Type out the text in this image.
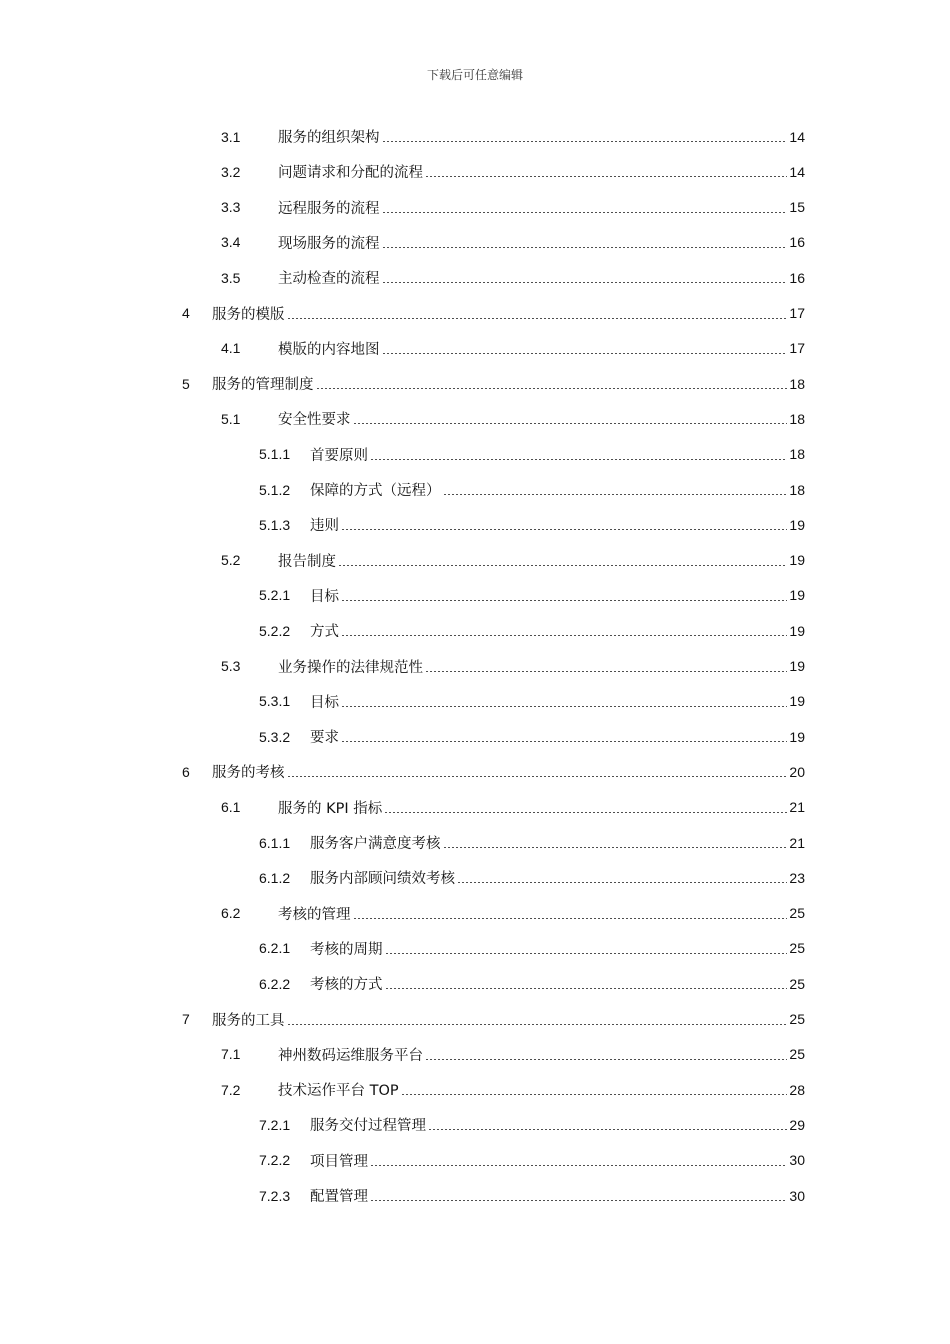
下载后可任意编辑
3.1	服务的组织架构	14
3.2	问题请求和分配的流程	14
3.3	远程服务的流程	15
3.4	现场服务的流程	16
3.5	主动检查的流程	16
4	服务的模版	17
4.1	模版的内容地图	17
5	服务的管理制度	18
5.1	安全性要求	18
5.1.1	首要原则	18
5.1.2	保障的方式（远程）	18
5.1.3	违则	19
5.2	报告制度	19
5.2.1	目标	19
5.2.2	方式	19
5.3	业务操作的法律规范性	19
5.3.1	目标	19
5.3.2	要求	19
6	服务的考核	20
6.1	服务的 KPI 指标	21
6.1.1	服务客户满意度考核	21
6.1.2	服务内部顾问绩效考核	23
6.2	考核的管理	25
6.2.1	考核的周期	25
6.2.2	考核的方式	25
7	服务的工具	25
7.1	神州数码运维服务平台	25
7.2	技术运作平台 TOP	28
7.2.1	服务交付过程管理	29
7.2.2	项目管理	30
7.2.3	配置管理	30
